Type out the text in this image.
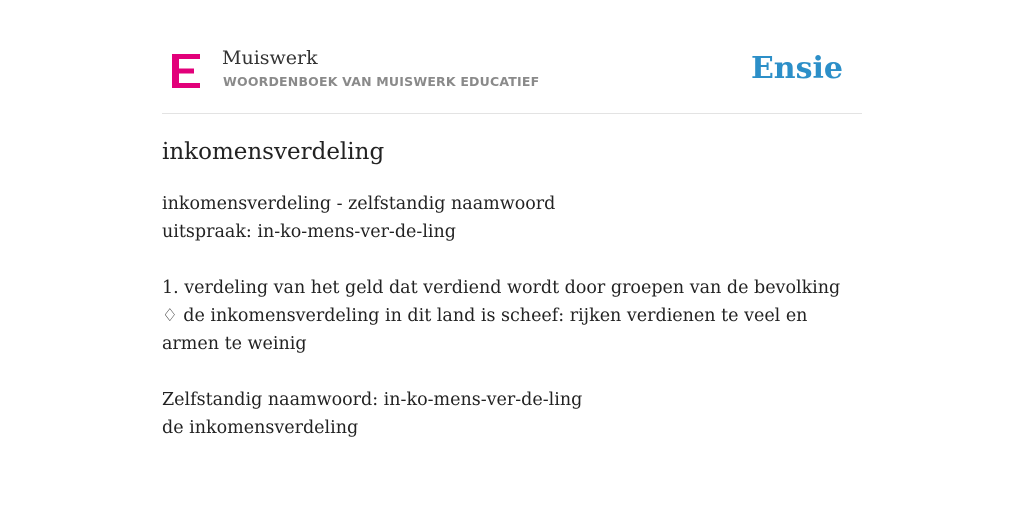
Muiswerk
WOORDENBOEK VAN MUISWERK EDUCATIEF	Ensie
inkomensverdeling
inkomensverdeling - zelfstandig naamwoord
uitspraak: in-ko-mens-ver-de-ling
1. verdeling van het geld dat verdiend wordt door groepen van de bevolking
♢ de inkomensverdeling in dit land is scheef: rijken verdienen te veel en armen te weinig
Zelfstandig naamwoord: in-ko-mens-ver-de-ling
de inkomensverdeling
